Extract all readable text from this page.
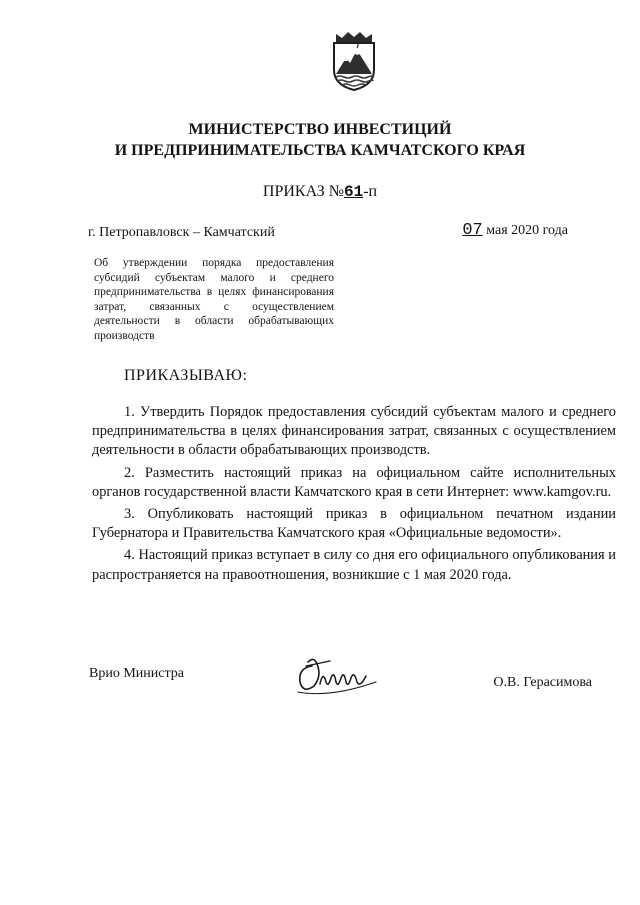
МИНИСТЕРСТВО ИНВЕСТИЦИЙ
И ПРЕДПРИНИМАТЕЛЬСТВА КАМЧАТСКОГО КРАЯ
ПРИКАЗ №61-п
г. Петропавловск – Камчатский	07 мая 2020 года

Об утверждении порядка предоставления субсидий субъектам малого и среднего предпринимательства в целях финансирования затрат, связанных с осуществлением деятельности в области обрабатывающих производств

ПРИКАЗЫВАЮ:

1. Утвердить Порядок предоставления субсидий субъектам малого и среднего предпринимательства в целях финансирования затрат, связанных с осуществлением деятельности в области обрабатывающих производств.

2. Разместить настоящий приказ на официальном сайте исполнительных органов государственной власти Камчатского края в сети Интернет: www.kamgov.ru.

3. Опубликовать настоящий приказ в официальном печатном издании Губернатора и Правительства Камчатского края «Официальные ведомости».

4. Настоящий приказ вступает в силу со дня его официального опубликования и распространяется на правоотношения, возникшие с 1 мая 2020 года.

Врио Министра
О.В. Герасимова
